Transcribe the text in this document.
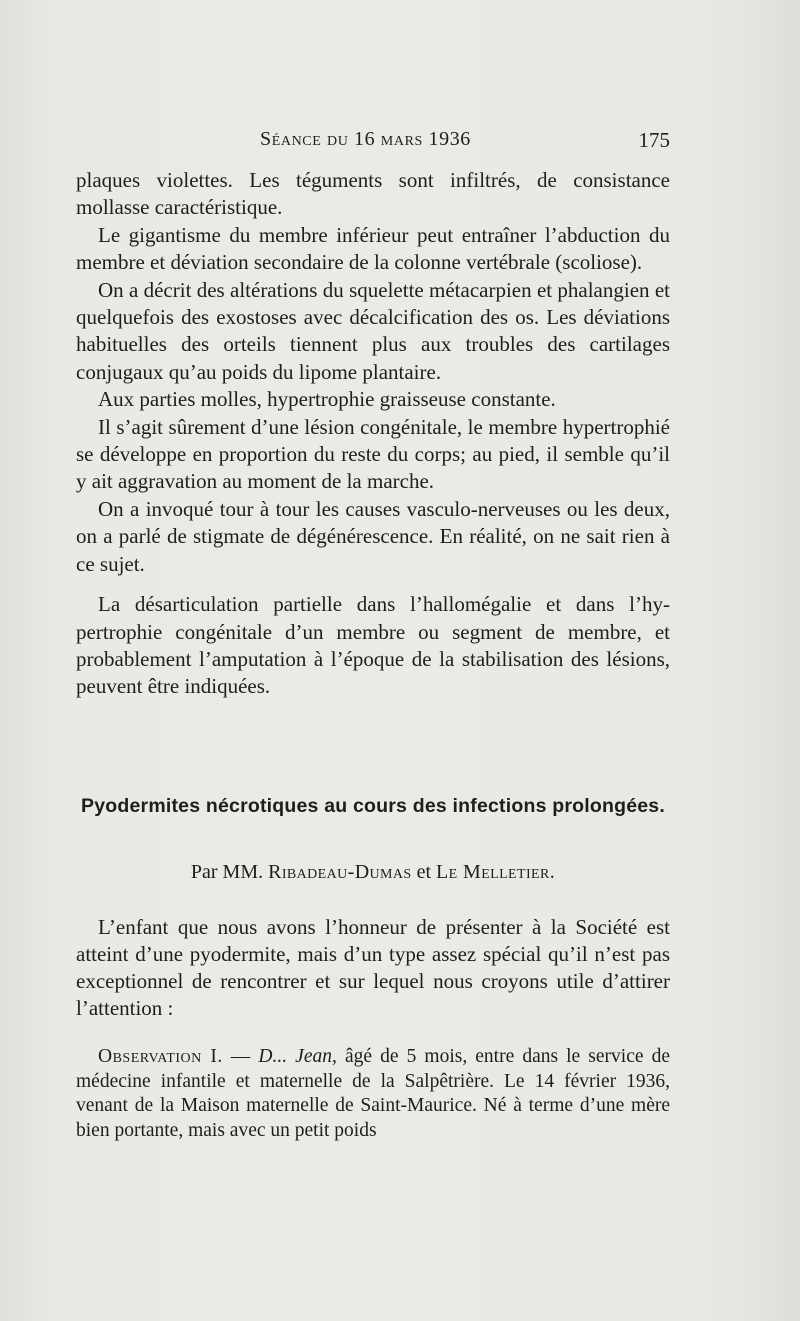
Séance du 16 mars 1936	175

plaques violettes. Les téguments sont infiltrés, de consistance mollasse caractéristique.

Le gigantisme du membre inférieur peut entraîner l’abduction du membre et déviation secondaire de la colonne vertébrale (scoliose).

On a décrit des altérations du squelette métacarpien et phalangien et quelquefois des exostoses avec décalcification des os. Les déviations habituelles des orteils tiennent plus aux troubles des cartilages conjugaux qu’au poids du lipome plantaire.

Aux parties molles, hypertrophie graisseuse constante.

Il s’agit sûrement d’une lésion congénitale, le membre hypertrophié se développe en proportion du reste du corps; au pied, il semble qu’il y ait aggravation au moment de la marche.

On a invoqué tour à tour les causes vasculo-nerveuses ou les deux, on a parlé de stigmate de dégénérescence. En réalité, on ne sait rien à ce sujet.

La désarticulation partielle dans l’hallomégalie et dans l’hypertrophie congénitale d’un membre ou segment de membre, et probablement l’amputation à l’époque de la stabilisation des lésions, peuvent être indiquées.

Pyodermites nécrotiques au cours des infections prolongées.
Par MM. Ribadeau-Dumas et Le Melletier.

L’enfant que nous avons l’honneur de présenter à la Société est atteint d’une pyodermite, mais d’un type assez spécial qu’il n’est pas exceptionnel de rencontrer et sur lequel nous croyons utile d’attirer l’attention :

Observation I. — D... Jean, âgé de 5 mois, entre dans le service de médecine infantile et maternelle de la Salpêtrière. Le 14 février 1936, venant de la Maison maternelle de Saint-Maurice. Né à terme d’une mère bien portante, mais avec un petit poids
